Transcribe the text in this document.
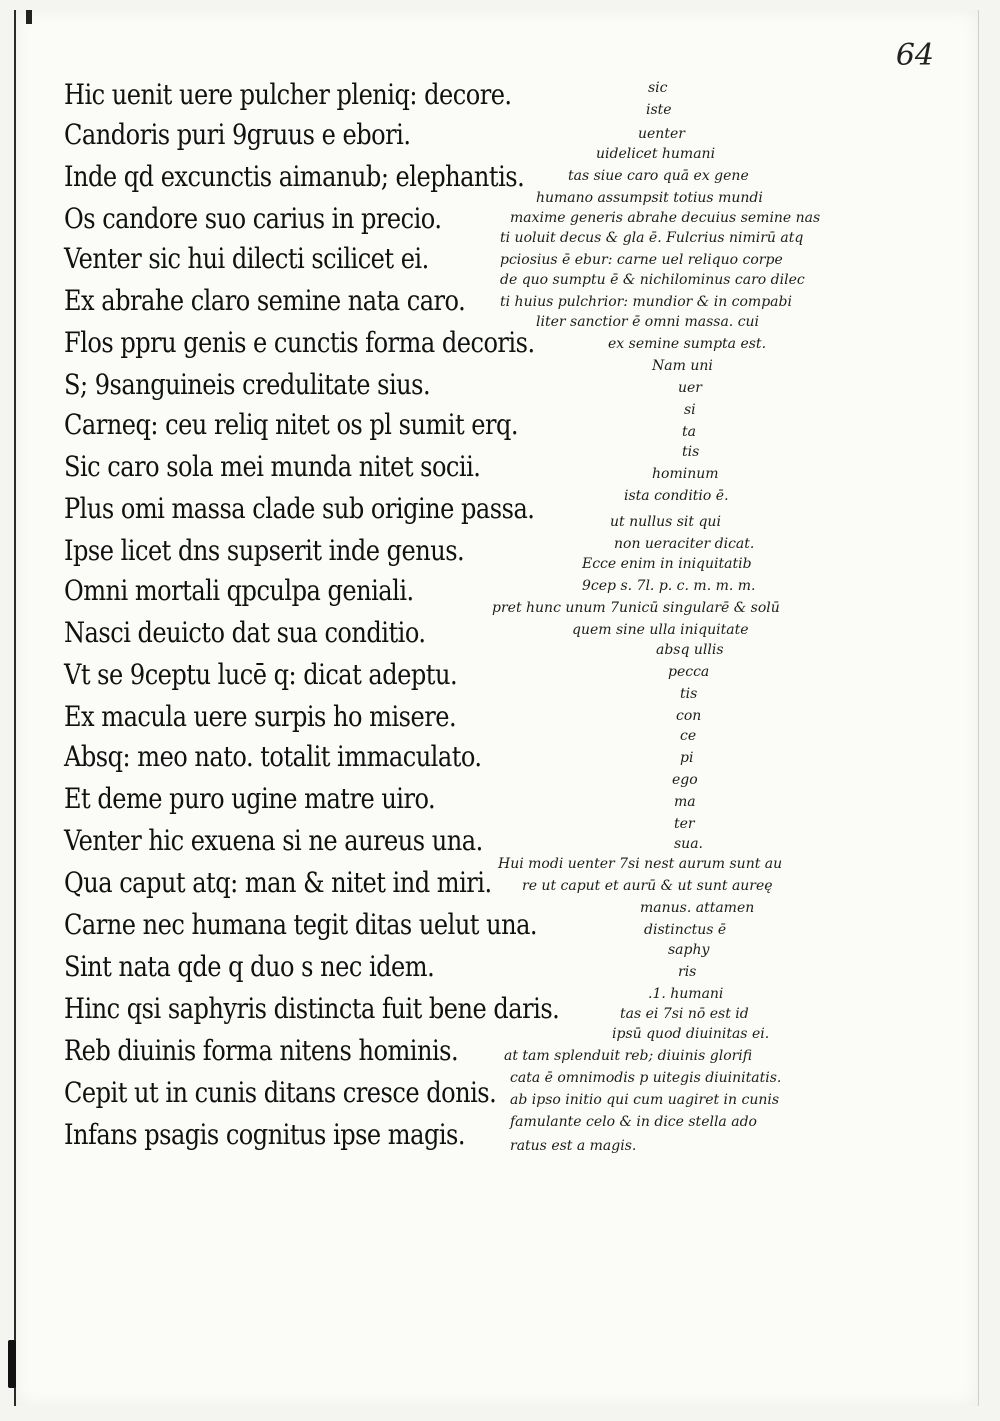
64
Hic uenit uere pulcher pleniq: decore.
Candoris puri 9gruus e ebori.
Inde qd excunctis aimanub; elephantis.
Os candore suo carius in precio.
Venter sic hui dilecti scilicet ei.
Ex abrahe claro semine nata caro.
Flos ppru genis e cunctis forma decoris.
S; 9sanguineis credulitate sius.
Carneq: ceu reliq nitet os pl sumit erq.
Sic caro sola mei munda nitet socii.
Plus omi massa clade sub origine passa.
Ipse licet dns supserit inde genus.
Omni mortali qpculpa geniali.
Nasci deuicto dat sua conditio.
Vt se 9ceptu lucē q: dicat adeptu.
Ex macula uere surpis ho misere.
Absq: meo nato. totalit immaculato.
Et deme puro ugine matre uiro.
Venter hic exuena si ne aureus una.
Qua caput atq: man & nitet ind miri.
Carne nec humana tegit ditas uelut una.
Sint nata qde q duo s nec idem.
Hinc qsi saphyris distincta fuit bene daris.
Reb diuinis forma nitens hominis.
Cepit ut in cunis ditans cresce donis.
Infans psagis cognitus ipse magis.
sic
iste
uenter
uidelicet humani
tas siue caro quā ex gene
humano assumpsit totius mundi
maxime generis abrahe decuius semine nas
ti uoluit decus & gla ē. Fulcrius nimirū atq
pciosius ē ebur: carne uel reliquo corpe
de quo sumptu ē & nichilominus caro dilec
ti huius pulchrior: mundior & in compabi
liter sanctior ē omni massa. cui
ex semine sumpta est.
Nam uni
uer
si
ta
tis
hominum
ista conditio ē.
ut nullus sit qui
non ueraciter dicat.
Ecce enim in iniquitatib
9cep s. 7l. p. c. m. m. m.
pret hunc unum 7unicū singularē & solū
quem sine ulla iniquitate
absq ullis
pecca
tis
con
ce
pi
ego
ma
ter
sua.
Hui modi uenter 7si nest aurum sunt au
re ut caput et aurū & ut sunt aureę
manus. attamen
distinctus ē
saphy
ris
.1. humani
tas ei 7si nō est id
ipsū quod diuinitas ei.
at tam splenduit reb; diuinis glorifi
cata ē omnimodis p uitegis diuinitatis.
ab ipso initio qui cum uagiret in cunis
famulante celo & in dice stella ado
ratus est a magis.
